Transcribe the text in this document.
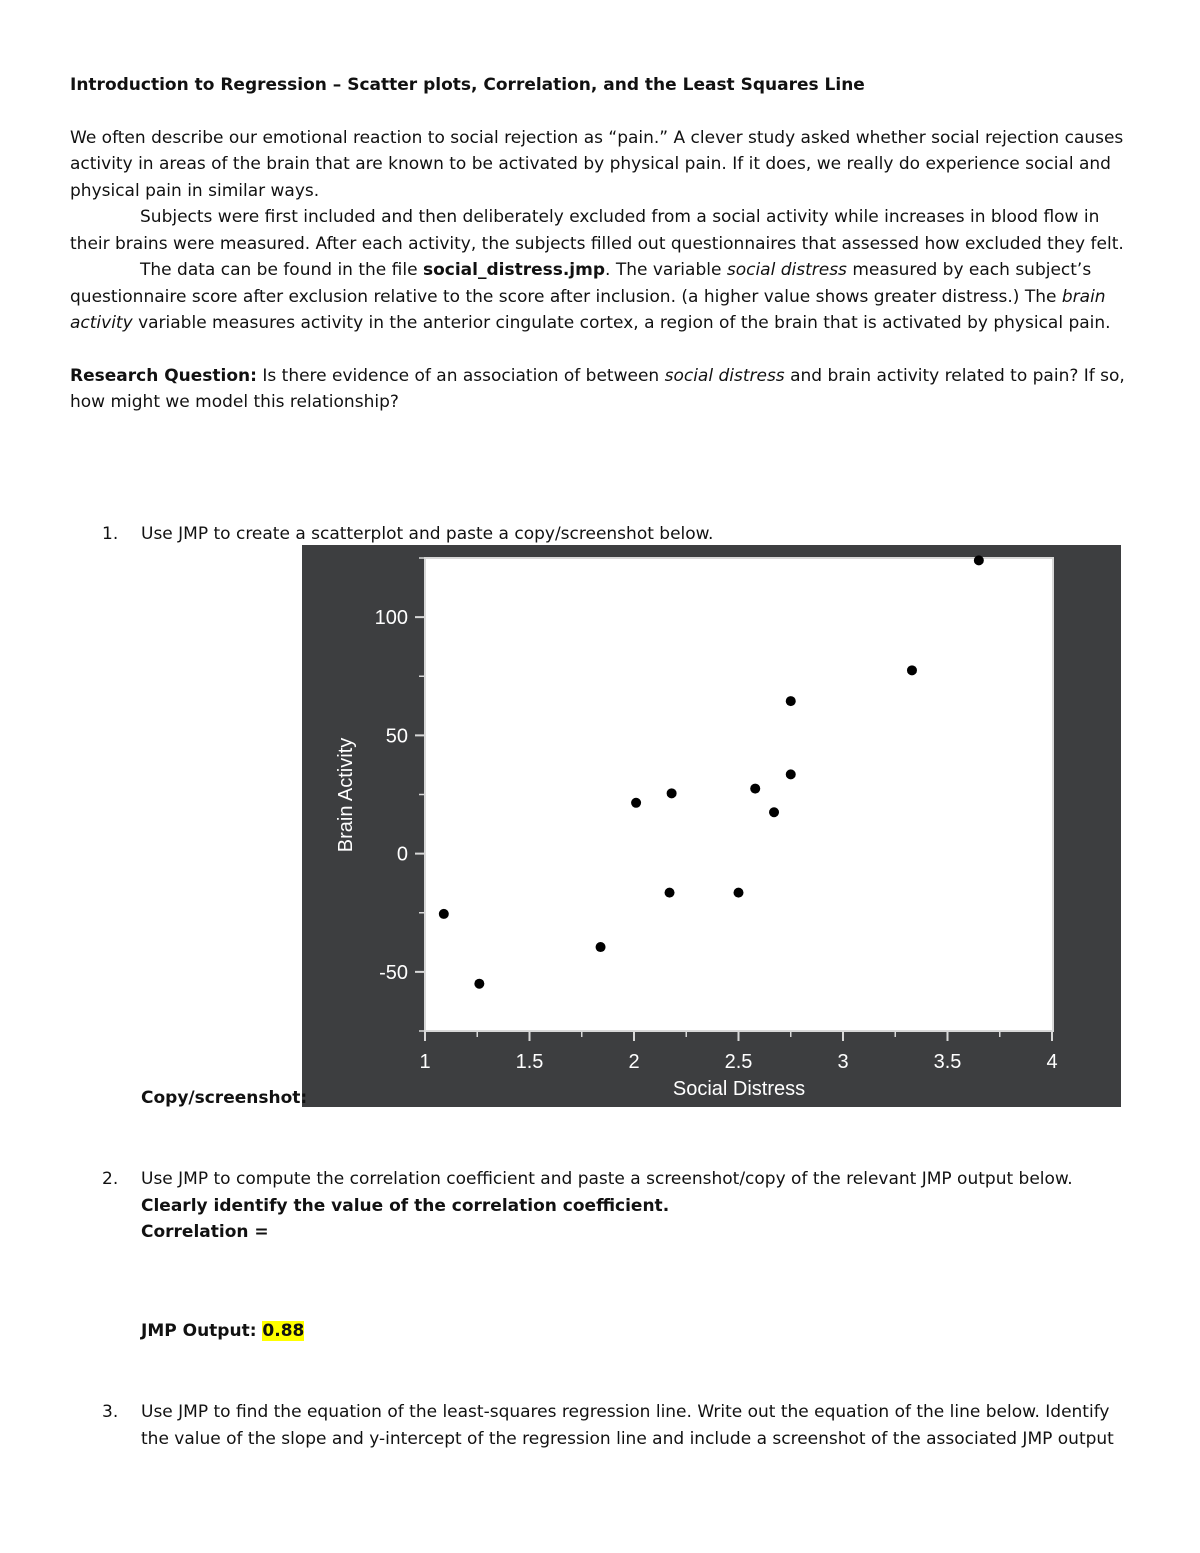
Introduction to Regression – Scatter plots, Correlation, and the Least Squares Line

We often describe our emotional reaction to social rejection as “pain.” A clever study asked whether social rejection causes activity in areas of the brain that are known to be activated by physical pain. If it does, we really do experience social and physical pain in similar ways.

Subjects were first included and then deliberately excluded from a social activity while increases in blood flow in their brains were measured. After each activity, the subjects filled out questionnaires that assessed how excluded they felt.

The data can be found in the file social_distress.jmp. The variable social distress measured by each subject’s questionnaire score after exclusion relative to the score after inclusion. (a higher value shows greater distress.) The brain activity variable measures activity in the anterior cingulate cortex, a region of the brain that is activated by physical pain.

Research Question: Is there evidence of an association of between social distress and brain activity related to pain? If so, how might we model this relationship?

1. Use JMP to create a scatterplot and paste a copy/screenshot below.
1	1.5	2	2.5	3	3.5	4
-50
0
50
100
Social Distress
Brain Activity
Copy/screenshot:
2. Use JMP to compute the correlation coefficient and paste a screenshot/copy of the relevant JMP output below.
Clearly identify the value of the correlation coefficient.
Correlation =
JMP Output: 0.88
3. Use JMP to find the equation of the least-squares regression line. Write out the equation of the line below. Identify the value of the slope and y-intercept of the regression line and include a screenshot of the associated JMP output
